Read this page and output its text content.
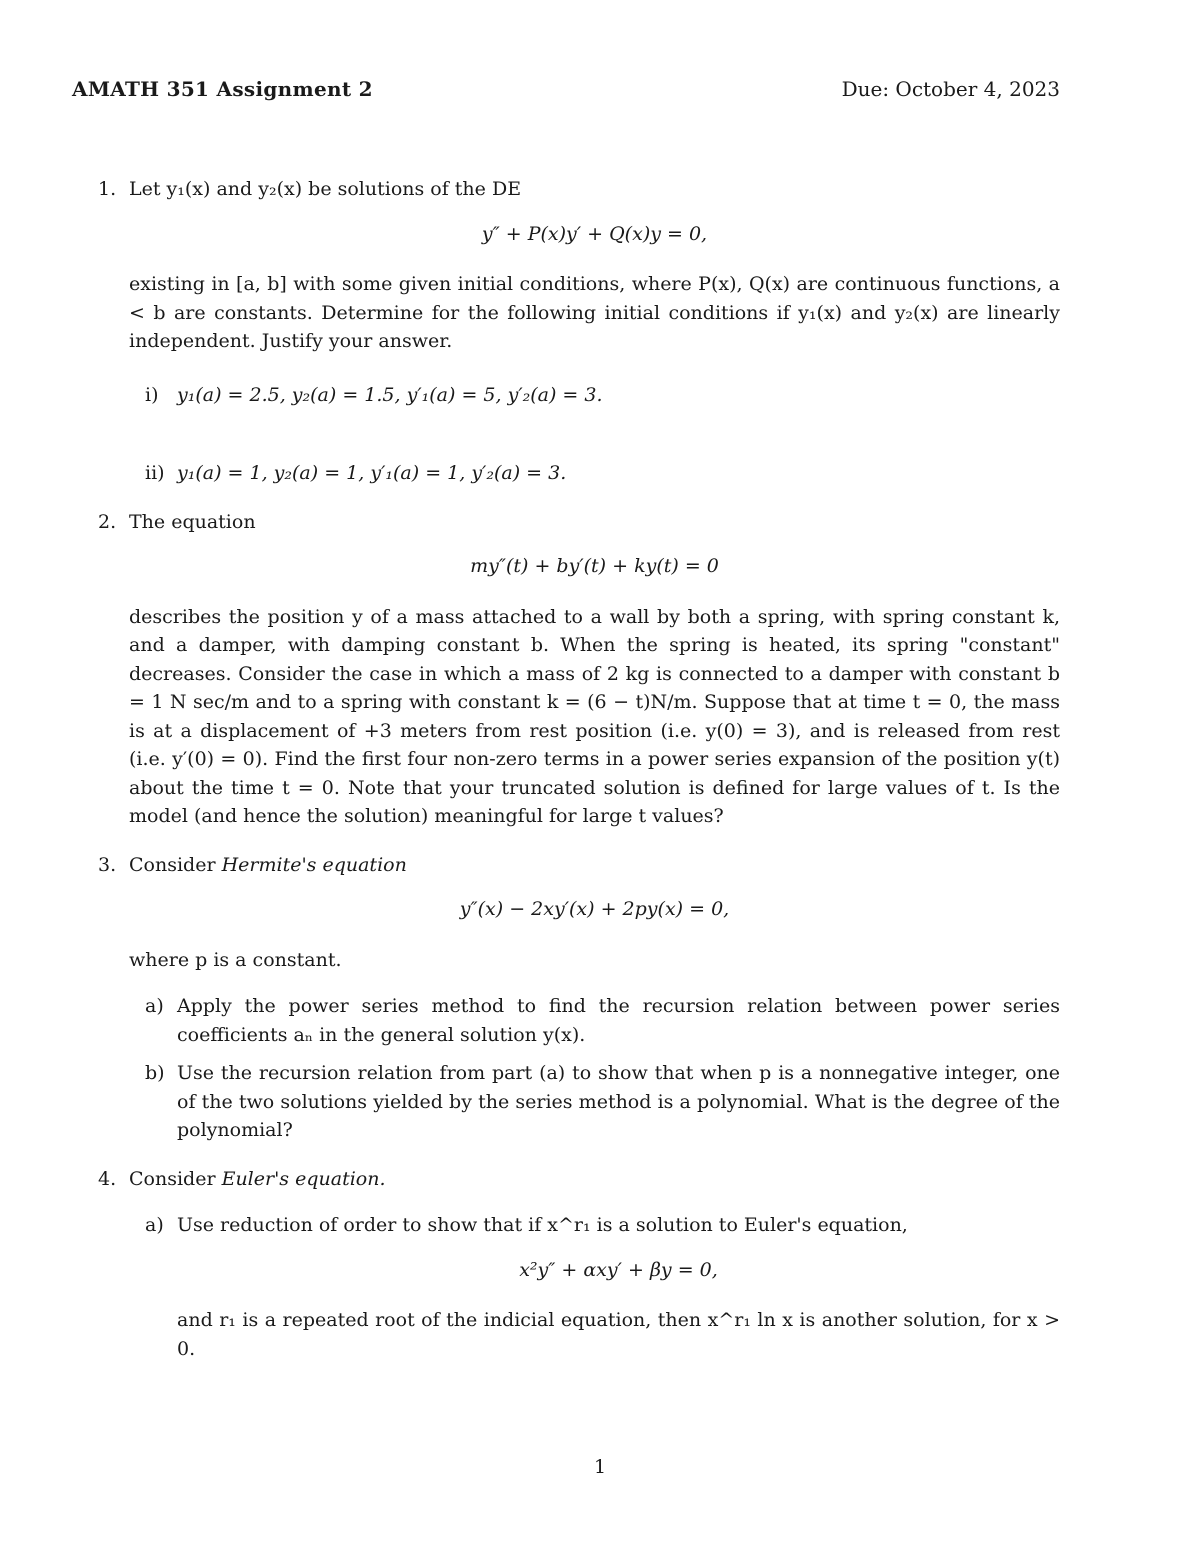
AMATH 351 Assignment 2	Due: October 4, 2023
1. Let y₁(x) and y₂(x) be solutions of the DE
y″ + P(x)y′ + Q(x)y = 0,
existing in [a, b] with some given initial conditions, where P(x), Q(x) are continuous functions, a < b are constants. Determine for the following initial conditions if y₁(x) and y₂(x) are linearly independent. Justify your answer.
i) y₁(a) = 2.5, y₂(a) = 1.5, y′₁(a) = 5, y′₂(a) = 3.
ii) y₁(a) = 1, y₂(a) = 1, y′₁(a) = 1, y′₂(a) = 3.
2. The equation
my″(t) + by′(t) + ky(t) = 0
describes the position y of a mass attached to a wall by both a spring, with spring constant k, and a damper, with damping constant b. When the spring is heated, its spring "constant" decreases. Consider the case in which a mass of 2 kg is connected to a damper with constant b = 1 N sec/m and to a spring with constant k = (6 − t)N/m. Suppose that at time t = 0, the mass is at a displacement of +3 meters from rest position (i.e. y(0) = 3), and is released from rest (i.e. y′(0) = 0). Find the first four non-zero terms in a power series expansion of the position y(t) about the time t = 0. Note that your truncated solution is defined for large values of t. Is the model (and hence the solution) meaningful for large t values?
3. Consider Hermite's equation
y″(x) − 2xy′(x) + 2py(x) = 0,
where p is a constant.
a) Apply the power series method to find the recursion relation between power series coefficients aₙ in the general solution y(x).
b) Use the recursion relation from part (a) to show that when p is a nonnegative integer, one of the two solutions yielded by the series method is a polynomial. What is the degree of the polynomial?
4. Consider Euler's equation.
a) Use reduction of order to show that if x^r₁ is a solution to Euler's equation,
x²y″ + αxy′ + βy = 0,
and r₁ is a repeated root of the indicial equation, then x^r₁ ln x is another solution, for x > 0.
1
